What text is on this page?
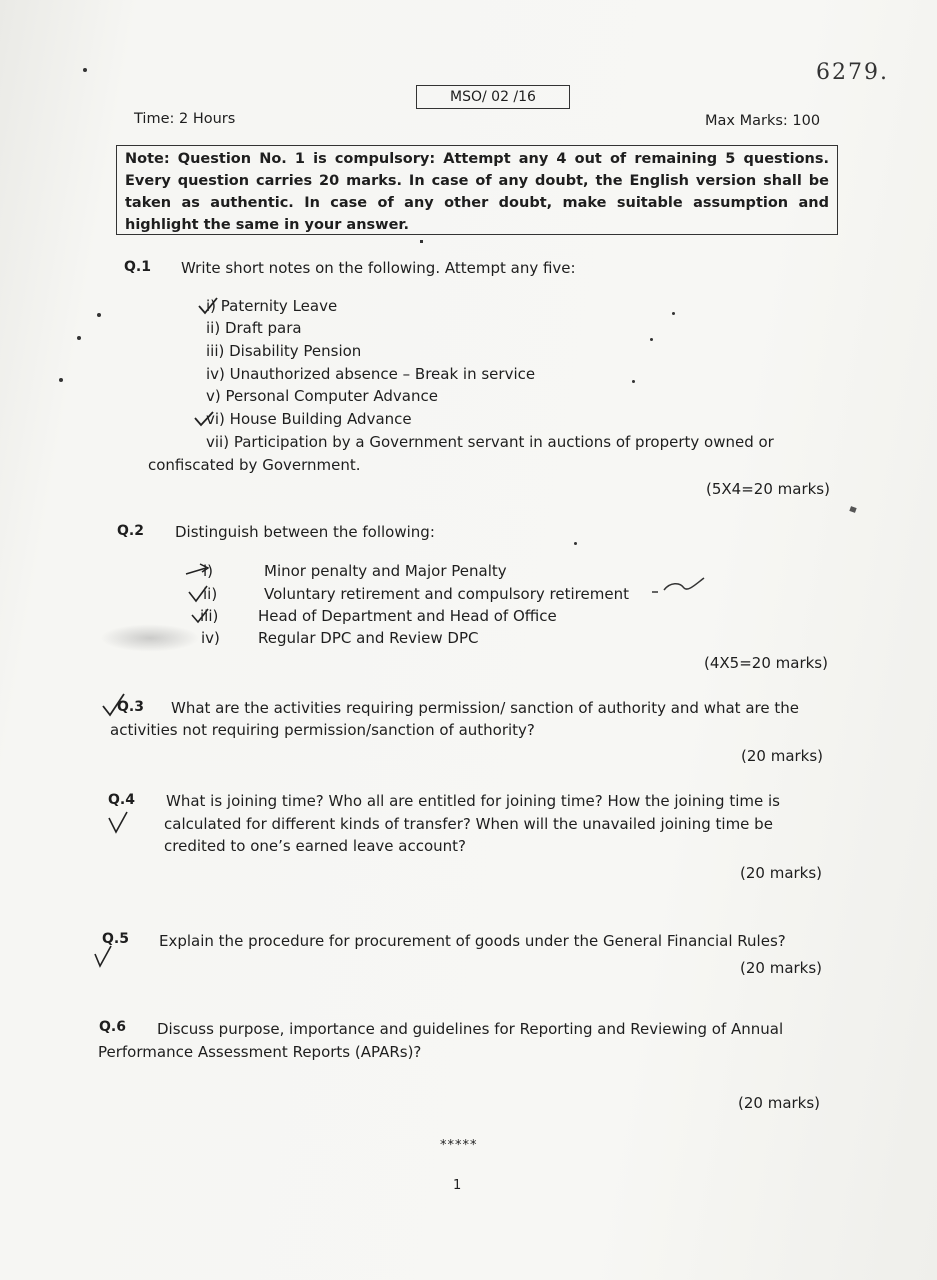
6279.
MSO/ 02 /16
Time: 2 Hours	Max Marks: 100
Note: Question No. 1 is compulsory: Attempt any 4 out of remaining 5 questions. Every question carries 20 marks. In case of any doubt, the English version shall be taken as authentic. In case of any other doubt, make suitable assumption and highlight the same in your answer.
Q.1 Write short notes on the following. Attempt any five:
i) Paternity Leave
ii) Draft para
iii) Disability Pension
iv) Unauthorized absence – Break in service
v) Personal Computer Advance
vi) House Building Advance
vii) Participation by a Government servant in auctions of property owned or
confiscated by Government.
(5X4=20 marks)
Q.2 Distinguish between the following:
i)
ii)
iii)
iv)
Minor penalty and Major Penalty
Voluntary retirement and compulsory retirement
Head of Department and Head of Office
Regular DPC and Review DPC
(4X5=20 marks)
Q.3 What are the activities requiring permission/ sanction of authority and what are the
activities not requiring permission/sanction of authority?
(20 marks)
Q.4 What is joining time? Who all are entitled for joining time? How the joining time is
calculated for different kinds of transfer? When will the unavailed joining time be
credited to one’s earned leave account?
(20 marks)
Q.5 Explain the procedure for procurement of goods under the General Financial Rules?
(20 marks)
Q.6 Discuss purpose, importance and guidelines for Reporting and Reviewing of Annual
Performance Assessment Reports (APARs)?
(20 marks)
*****
1
